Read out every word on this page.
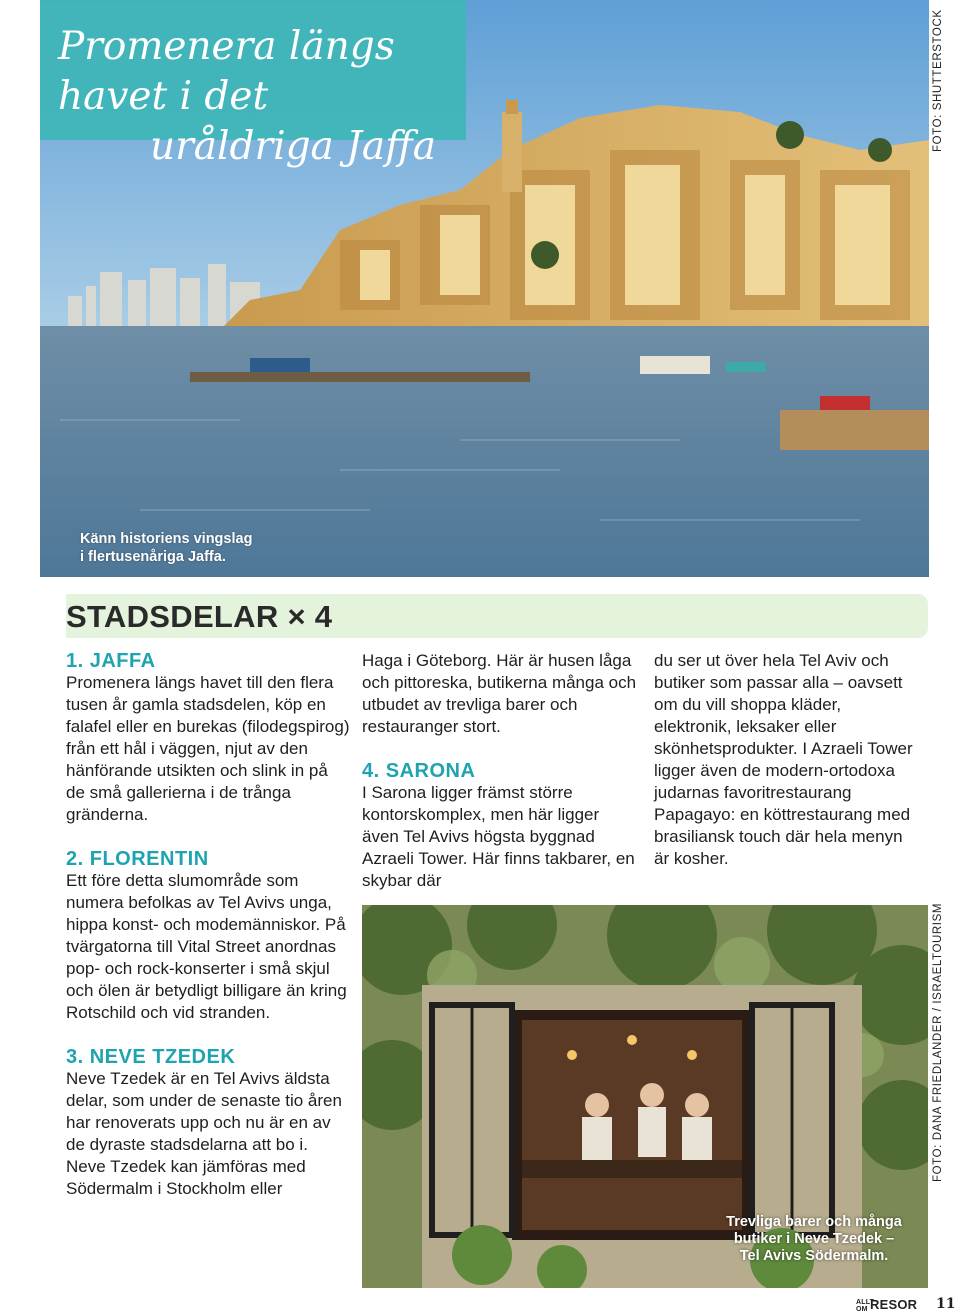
Promenera längs havet i det
uråldriga Jaffa
Känn historiens vingslag
i flertusenåriga Jaffa.
FOTO: SHUTTERSTOCK
STADSDELAR × 4
1. JAFFA

Promenera längs havet till den flera tusen år gamla stadsdelen, köp en falafel eller en burekas (filodegspirog) från ett hål i väggen, njut av den hänförande utsikten och slink in på de små gallerierna i de trånga gränderna.

2. FLORENTIN

Ett före detta slumområde som numera befolkas av Tel Avivs unga, hippa konst- och modemänniskor. På tvärgatorna till Vital Street anordnas pop- och rock-konserter i små skjul och ölen är betydligt billigare än kring Rotschild och vid stranden.

3. NEVE TZEDEK

Neve Tzedek är en Tel Avivs äldsta delar, som under de senaste tio åren har renoverats upp och nu är en av de dyraste stadsdelarna att bo i. Neve Tzedek kan jämföras med Södermalm i Stockholm eller

Haga i Göteborg. Här är husen låga och pittoreska, butikerna många och utbudet av trevliga barer och restauranger stort.

4. SARONA

I Sarona ligger främst större kontorskomplex, men här ligger även Tel Avivs högsta byggnad Azraeli Tower. Här finns takbarer, en skybar där

du ser ut över hela Tel Aviv och butiker som passar alla – oavsett om du vill shoppa kläder, elektronik, leksaker eller skönhetsprodukter. I Azraeli Tower ligger även de modern-ortodoxa judarnas favoritrestaurang Papagayo: en köttrestaurang med brasiliansk touch där hela menyn är kosher.

Trevliga barer och många
butiker i Neve Tzedek –
Tel Avivs Södermalm.
FOTO: DANA FRIEDLANDER / ISRAELTOURISM
ALLT OM RESOR 11
